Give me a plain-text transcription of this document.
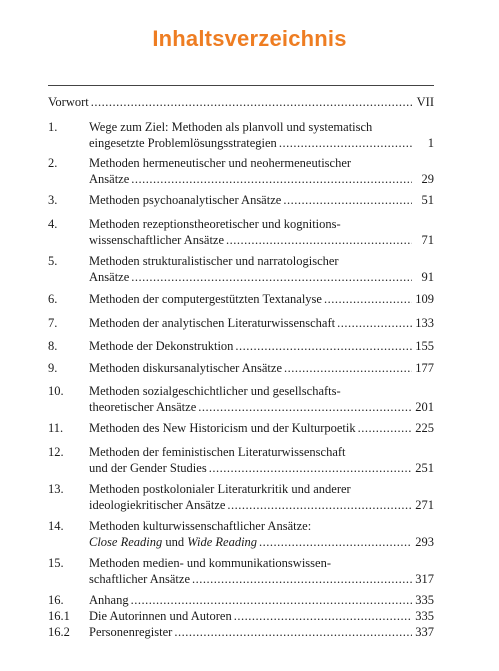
Inhaltsverzeichnis
Vorwort .....	VII
1.	Wege zum Ziel: Methoden als planvoll und systematisch
eingesetzte Problemlösungsstrategien .....	1
2.	Methoden hermeneutischer und neohermeneutischer
Ansätze .....	29
3.	Methoden psychoanalytischer Ansätze .....	51
4.	Methoden rezeptionstheoretischer und kognitions-
wissenschaftlicher Ansätze .....	71
5.	Methoden strukturalistischer und narratologischer
Ansätze .....	91
6.	Methoden der computergestützten Textanalyse .....	109
7.	Methoden der analytischen Literaturwissenschaft .....	133
8.	Methode der Dekonstruktion .....	155
9.	Methoden diskursanalytischer Ansätze .....	177
10. Methoden sozialgeschichtlicher und gesellschafts-
theoretischer Ansätze .....	201
11. Methoden des New Historicism und der Kulturpoetik .....	225
12. Methoden der feministischen Literaturwissenschaft
und der Gender Studies .....	251
13. Methoden postkolonialer Literaturkritik und anderer
ideologiekritischer Ansätze .....	271
14. Methoden kulturwissenschaftlicher Ansätze:
Close Reading und Wide Reading .....	293
15. Methoden medien- und kommunikationswissen-
schaftlicher Ansätze .....	317
16. Anhang .....	335
16.1 Die Autorinnen und Autoren .....	335
16.2 Personenregister .....	337
